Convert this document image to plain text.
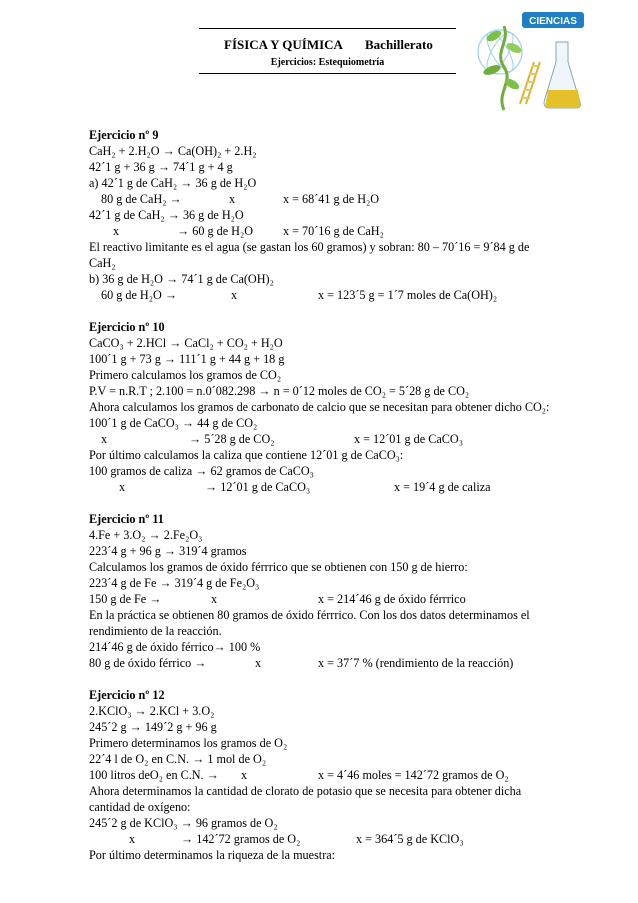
FÍSICA Y QUÍMICA Bachillerato
Ejercicios: Estequiometría
CIENCIAS
Ejercicio nº 9
CaH₂ + 2.H₂O → Ca(OH)₂ + 2.H₂
42´1 g + 36 g → 74´1 g + 4 g
a) 42´1 g de CaH₂ → 36 g de H₂O
80 g de CaH₂ →	x	x = 68´41 g de H₂O
42´1 g de CaH₂ → 36 g de H₂O
x	→ 60 g de H₂O x = 70´16 g de CaH₂
El reactivo limitante es el agua (se gastan los 60 gramos) y sobran: 80 – 70´16 = 9´84 g de CaH₂
b) 36 g de H₂O → 74´1 g de Ca(OH)₂
60 g de H₂O →	x	x = 123´5 g = 1´7 moles de Ca(OH)₂
Ejercicio nº 10
CaCO₃ + 2.HCl → CaCl₂ + CO₂ + H₂O
100´1 g + 73 g → 111´1 g + 44 g + 18 g
Primero calculamos los gramos de CO₂
P.V = n.R.T ; 2.100 = n.0´082.298 → n = 0´12 moles de CO₂ = 5´28 g de CO₂
Ahora calculamos los gramos de carbonato de calcio que se necesitan para obtener dicho CO₂:
100´1 g de CaCO₃ → 44 g de CO₂
x	→ 5´28 g de CO₂	x = 12´01 g de CaCO₃
Por último calculamos la caliza que contiene 12´01 g de CaCO₃:
100 gramos de caliza → 62 gramos de CaCO₃
x	→ 12´01 g de CaCO₃	x = 19´4 g de caliza
Ejercicio nº 11
4.Fe + 3.O₂ → 2.Fe₂O₃
223´4 g + 96 g → 319´4 gramos
Calculamos los gramos de óxido férrrico que se obtienen con 150 g de hierro:
223´4 g de Fe → 319´4 g de Fe₂O₃
150 g de Fe →	x	x = 214´46 g de óxido férrrico
En la práctica se obtienen 80 gramos de óxido férrrico. Con los dos datos determinamos el rendimiento de la reacción.
214´46 g de óxido férrico→ 100 %
80 g de óxido férrico →	x	x = 37´7 % (rendimiento de la reacción)
Ejercicio nº 12
2.KClO₃ → 2.KCl + 3.O₂
245´2 g → 149´2 g + 96 g
Primero determinamos los gramos de O₂
22´4 l de O₂ en C.N. → 1 mol de O₂
100 litros deO₂ en C.N. → x	x = 4´46 moles = 142´72 gramos de O₂
Ahora determinamos la cantidad de clorato de potasio que se necesita para obtener dicha cantidad de oxígeno:
245´2 g de KClO₃ → 96 gramos de O₂
x	→ 142´72 gramos de O₂	x = 364´5 g de KClO₃
Por último determinamos la riqueza de la muestra:
